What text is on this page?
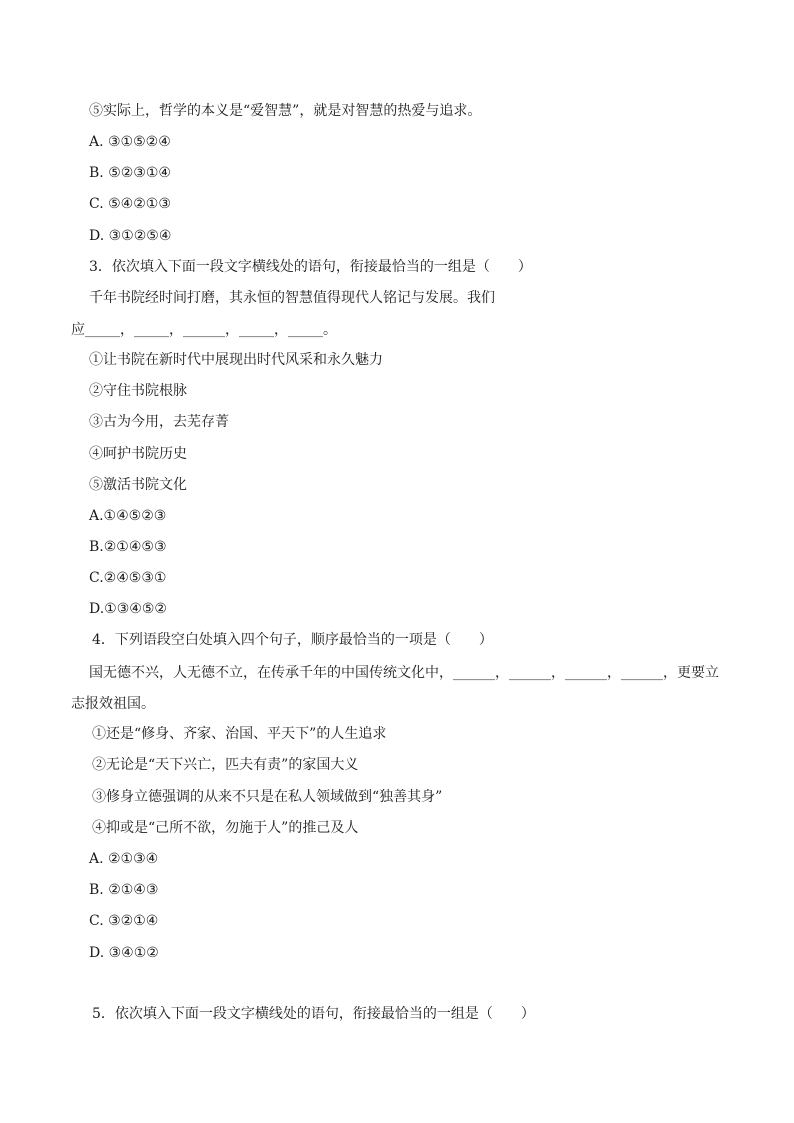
⑤实际上，哲学的本义是“爱智慧”，就是对智慧的热爱与追求。
A. ③①⑤②④
B. ⑤②③①④
C. ⑤④②①③
D. ③①②⑤④
3．依次填入下面一段文字横线处的语句，衔接最恰当的一组是（　　）
千年书院经时间打磨，其永恒的智慧值得现代人铭记与发展。我们
应_____，_____，______，_____，_____。
①让书院在新时代中展现出时代风采和永久魅力
②守住书院根脉
③古为今用，去芜存菁
④呵护书院历史
⑤激活书院文化
A.①④⑤②③
B.②①④⑤③
C.②④⑤③①
D.①③④⑤②
4．下列语段空白处填入四个句子，顺序最恰当的一项是（　　）
国无德不兴，人无德不立，在传承千年的中国传统文化中，______，______，______，______，更要立
志报效祖国。
①还是“修身、齐家、治国、平天下”的人生追求
②无论是“天下兴亡，匹夫有责”的家国大义
③修身立德强调的从来不只是在私人领域做到“独善其身”
④抑或是“己所不欲，勿施于人”的推己及人
A. ②①③④
B. ②①④③
C. ③②①④
D. ③④①②
5．依次填入下面一段文字横线处的语句，衔接最恰当的一组是（　　）
